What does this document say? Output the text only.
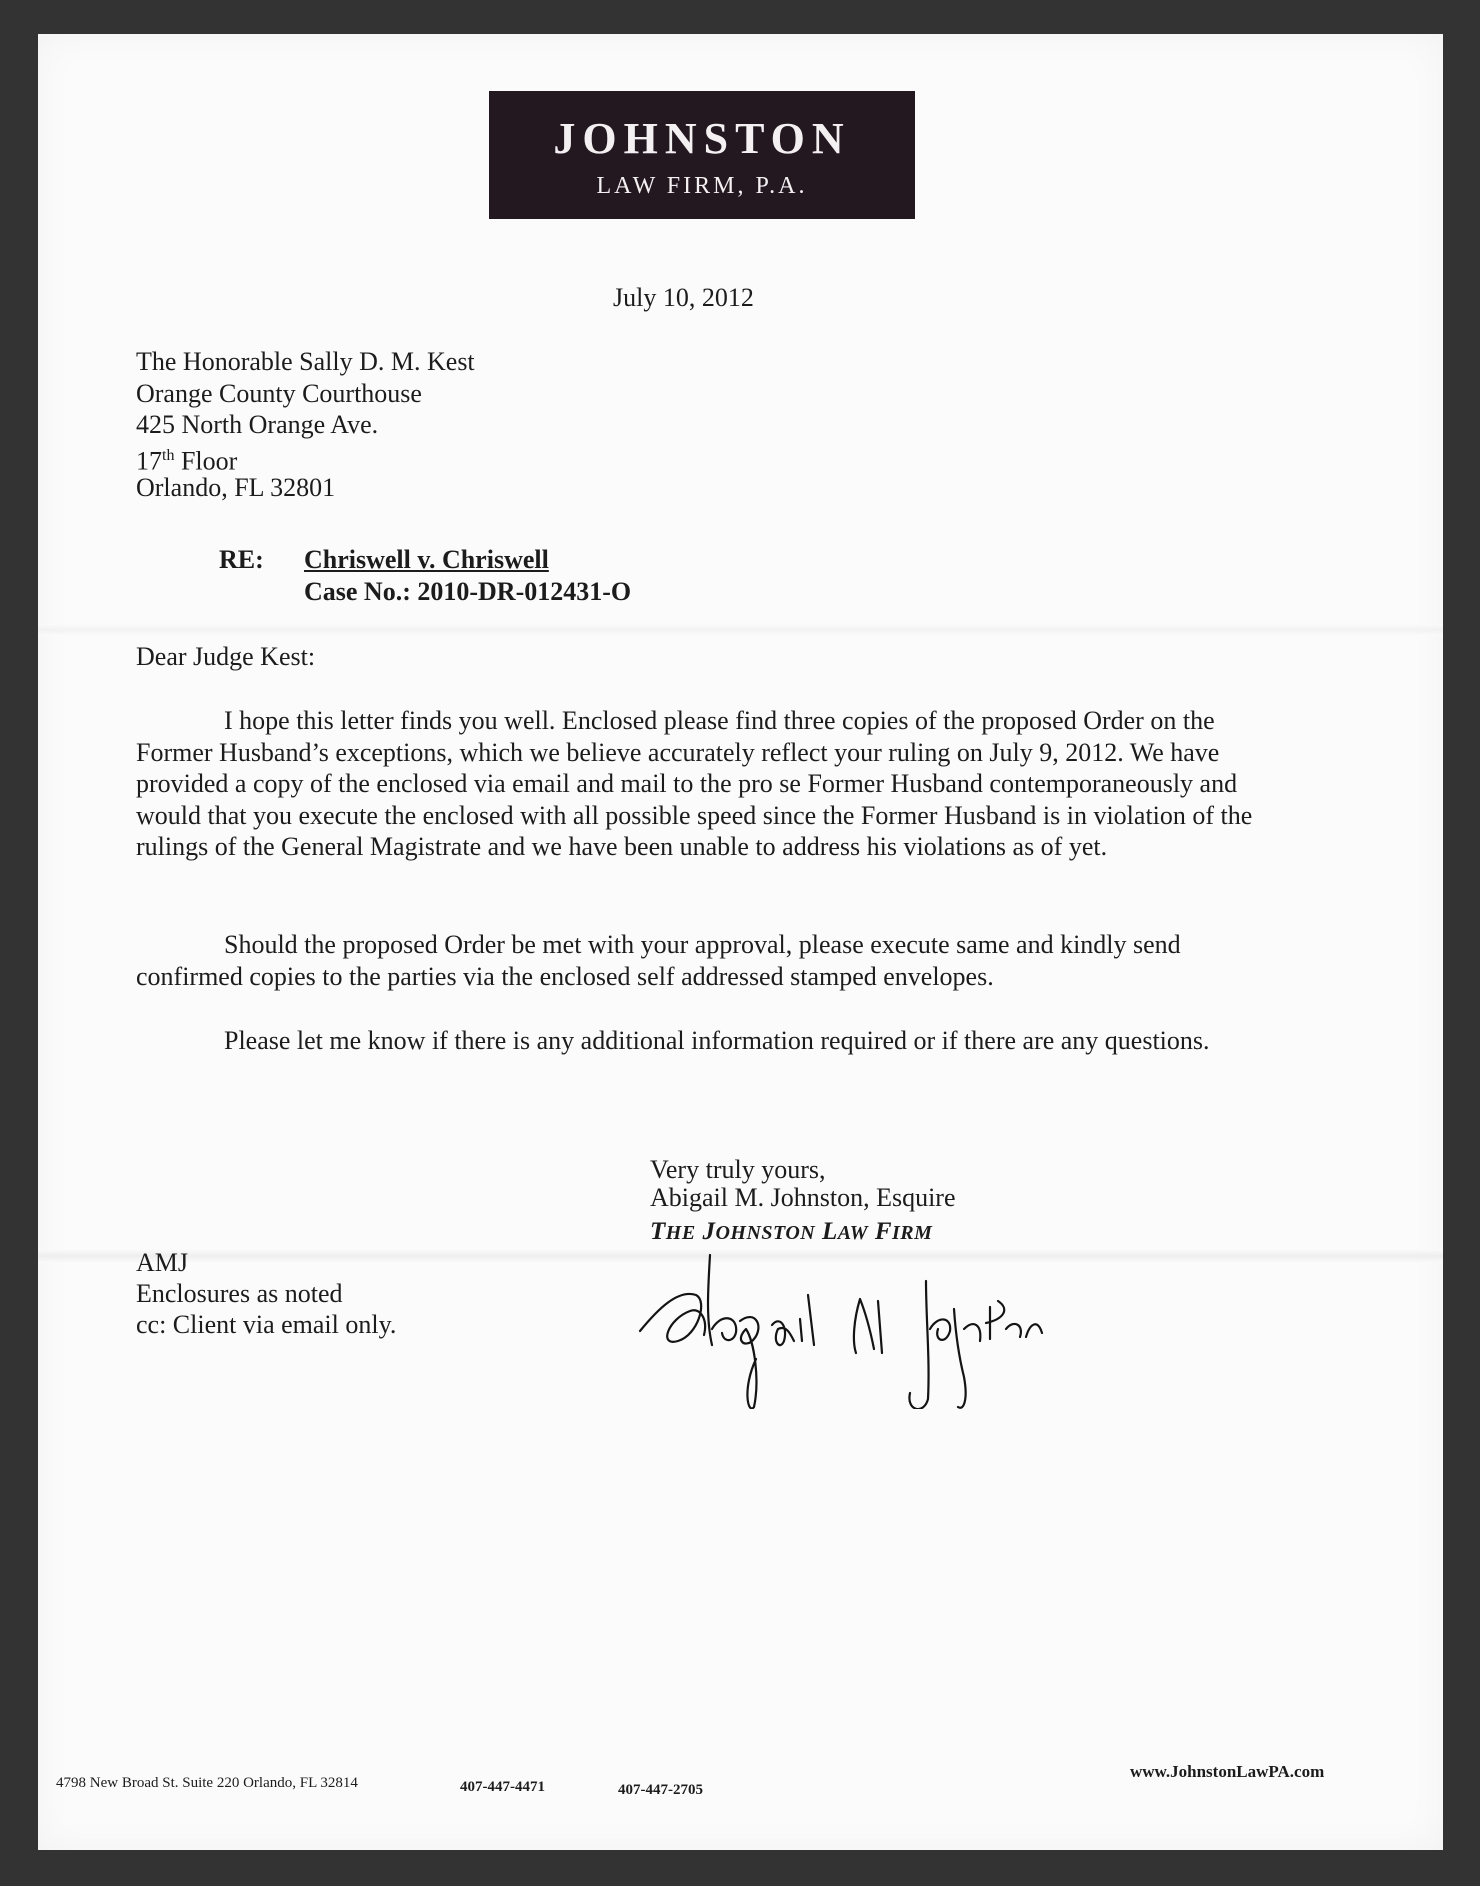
JOHNSTON
LAW FIRM, P.A.
July 10, 2012
The Honorable Sally D. M. Kest
Orange County Courthouse
425 North Orange Ave.
17th Floor
Orlando, FL 32801
RE: Chriswell v. Chriswell
Case No.: 2010-DR-012431-O
Dear Judge Kest:
I hope this letter finds you well. Enclosed please find three copies of the proposed Order on the Former Husband’s exceptions, which we believe accurately reflect your ruling on July 9, 2012. We have provided a copy of the enclosed via email and mail to the pro se Former Husband contemporaneously and would that you execute the enclosed with all possible speed since the Former Husband is in violation of the rulings of the General Magistrate and we have been unable to address his violations as of yet.
Should the proposed Order be met with your approval, please execute same and kindly send confirmed copies to the parties via the enclosed self addressed stamped envelopes.
Please let me know if there is any additional information required or if there are any questions.
Very truly yours,
THE JOHNSTON LAW FIRM
Abigail M. Johnston, Esquire
AMJ
Enclosures as noted
cc: Client via email only.
4798 New Broad St. Suite 220 Orlando, FL 32814	407-447-4471	407-447-2705
www.JohnstonLawPA.com
